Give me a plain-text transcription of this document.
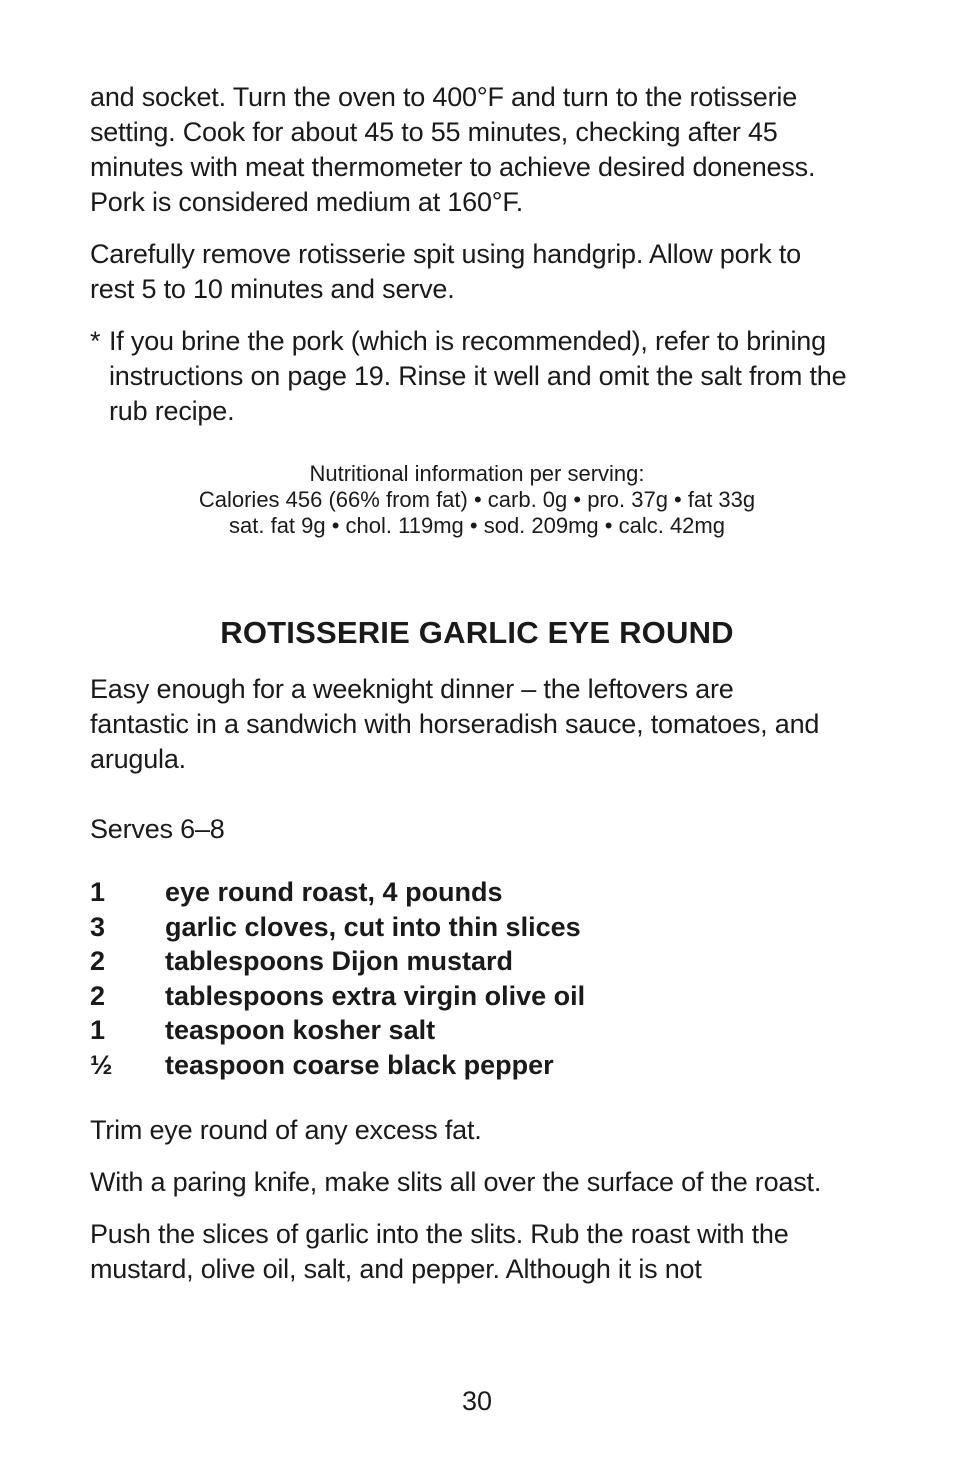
and socket. Turn the oven to 400°F and turn to the rotisserie setting. Cook for about 45 to 55 minutes, checking after 45 minutes with meat thermometer to achieve desired doneness. Pork is considered medium at 160°F.

Carefully remove rotisserie spit using handgrip. Allow pork to rest 5 to 10 minutes and serve.

* If you brine the pork (which is recommended), refer to brining instructions on page 19. Rinse it well and omit the salt from the rub recipe.
Nutritional information per serving:
Calories 456 (66% from fat) • carb. 0g • pro. 37g • fat 33g
sat. fat 9g • chol. 119mg • sod. 209mg • calc. 42mg
ROTISSERIE GARLIC EYE ROUND

Easy enough for a weeknight dinner – the leftovers are fantastic in a sandwich with horseradish sauce, tomatoes, and arugula.

Serves 6–8

1	eye round roast, 4 pounds
3	garlic cloves, cut into thin slices
2	tablespoons Dijon mustard
2	tablespoons extra virgin olive oil
1	teaspoon kosher salt
½	teaspoon coarse black pepper

Trim eye round of any excess fat.

With a paring knife, make slits all over the surface of the roast.

Push the slices of garlic into the slits. Rub the roast with the mustard, olive oil, salt, and pepper. Although it is not

30
